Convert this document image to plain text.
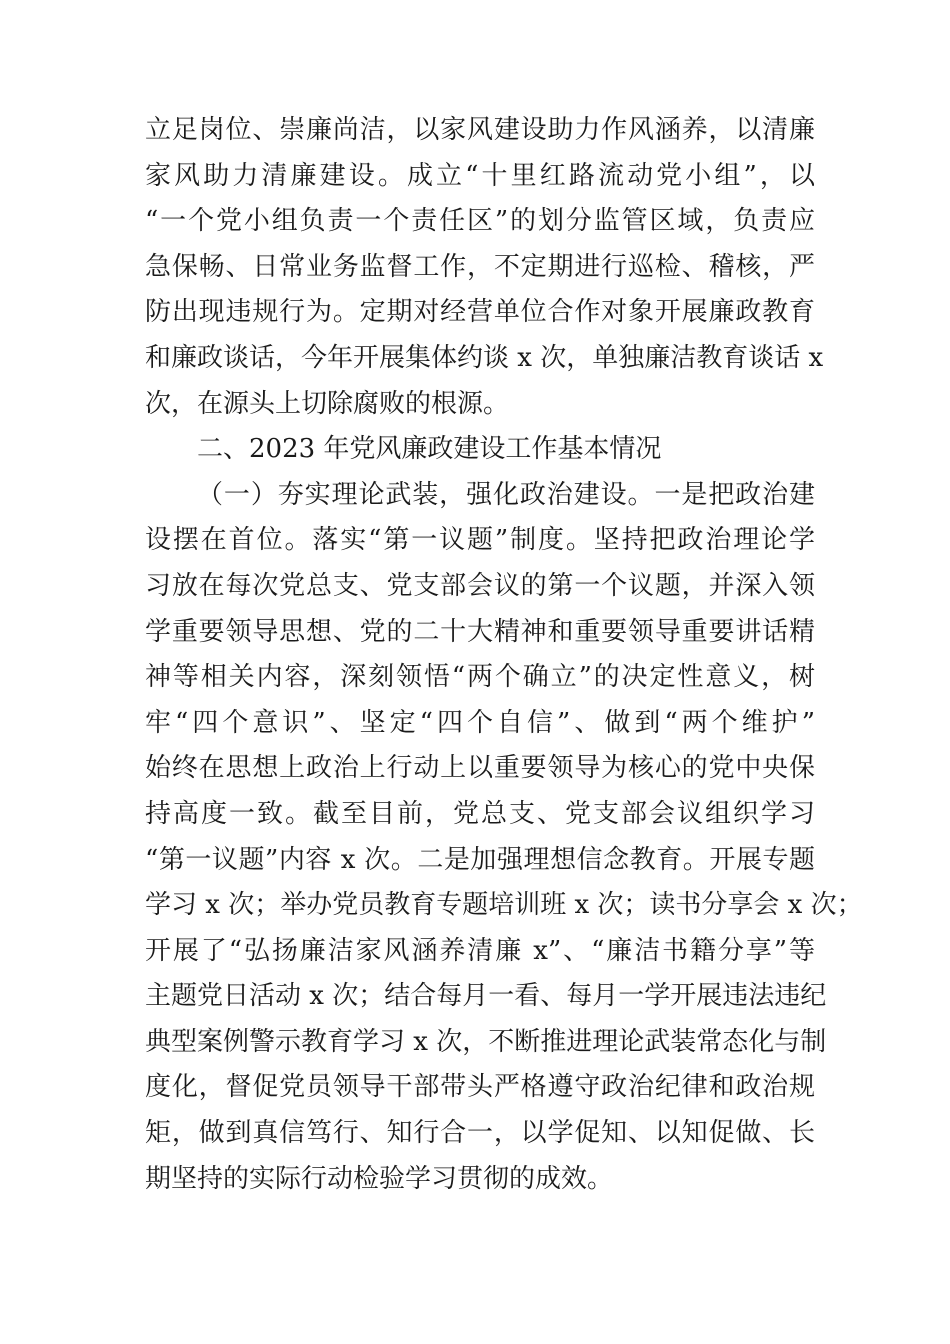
立足岗位、崇廉尚洁，以家风建设助力作风涵养，以清廉
家风助力清廉建设。成立“十里红路流动党小组”，以
“一个党小组负责一个责任区”的划分监管区域，负责应
急保畅、日常业务监督工作，不定期进行巡检、稽核，严
防出现违规行为。定期对经营单位合作对象开展廉政教育
和廉政谈话，今年开展集体约谈 x 次，单独廉洁教育谈话 x
次，在源头上切除腐败的根源。
二、2023 年党风廉政建设工作基本情况
（一）夯实理论武装，强化政治建设。一是把政治建
设摆在首位。落实“第一议题”制度。坚持把政治理论学
习放在每次党总支、党支部会议的第一个议题，并深入领
学重要领导思想、党的二十大精神和重要领导重要讲话精
神等相关内容，深刻领悟“两个确立”的决定性意义，树
牢“四个意识”、坚定“四个自信”、做到“两个维护”
始终在思想上政治上行动上以重要领导为核心的党中央保
持高度一致。截至目前，党总支、党支部会议组织学习
“第一议题”内容 x 次。二是加强理想信念教育。开展专题
学习 x 次；举办党员教育专题培训班 x 次；读书分享会 x 次；
开展了“弘扬廉洁家风涵养清廉 x”、“廉洁书籍分享”等
主题党日活动 x 次；结合每月一看、每月一学开展违法违纪
典型案例警示教育学习 x 次，不断推进理论武装常态化与制
度化，督促党员领导干部带头严格遵守政治纪律和政治规
矩，做到真信笃行、知行合一，以学促知、以知促做、长
期坚持的实际行动检验学习贯彻的成效。
